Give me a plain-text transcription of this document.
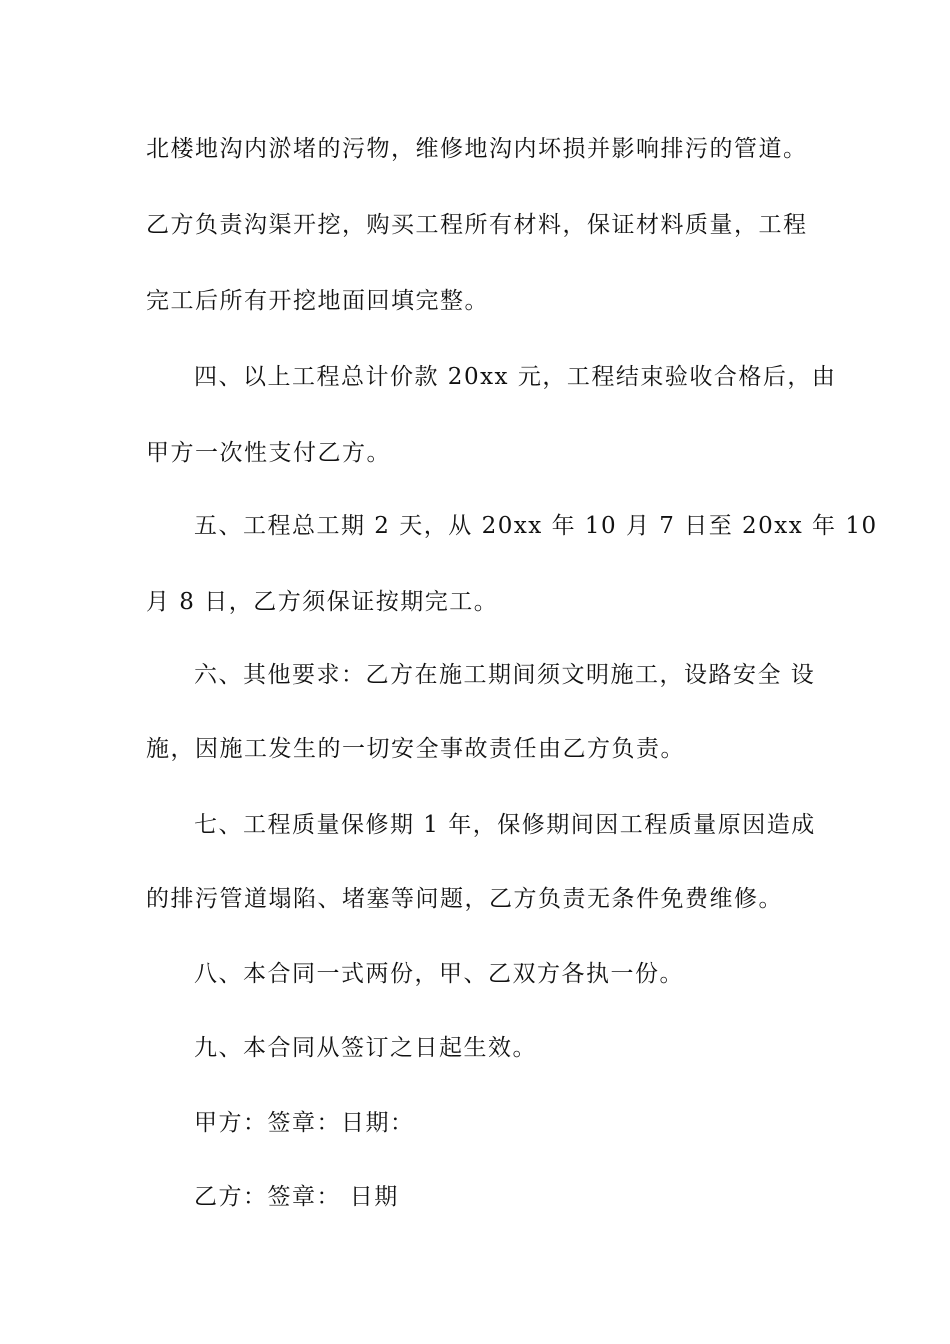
北楼地沟内淤堵的污物，维修地沟内坏损并影响排污的管道。
乙方负责沟渠开挖，购买工程所有材料，保证材料质量，工程
完工后所有开挖地面回填完整。
四、以上工程总计价款 20xx 元，工程结束验收合格后，由
甲方一次性支付乙方。
五、工程总工期 2 天，从 20xx 年 10 月 7 日至 20xx 年 10
月 8 日，乙方须保证按期完工。
六、其他要求：乙方在施工期间须文明施工，设路安全 设
施，因施工发生的一切安全事故责任由乙方负责。
七、工程质量保修期 1 年，保修期间因工程质量原因造成
的排污管道塌陷、堵塞等问题，乙方负责无条件免费维修。
八、本合同一式两份，甲、乙双方各执一份。
九、本合同从签订之日起生效。
甲方：签章：日期：
乙方：签章： 日期
